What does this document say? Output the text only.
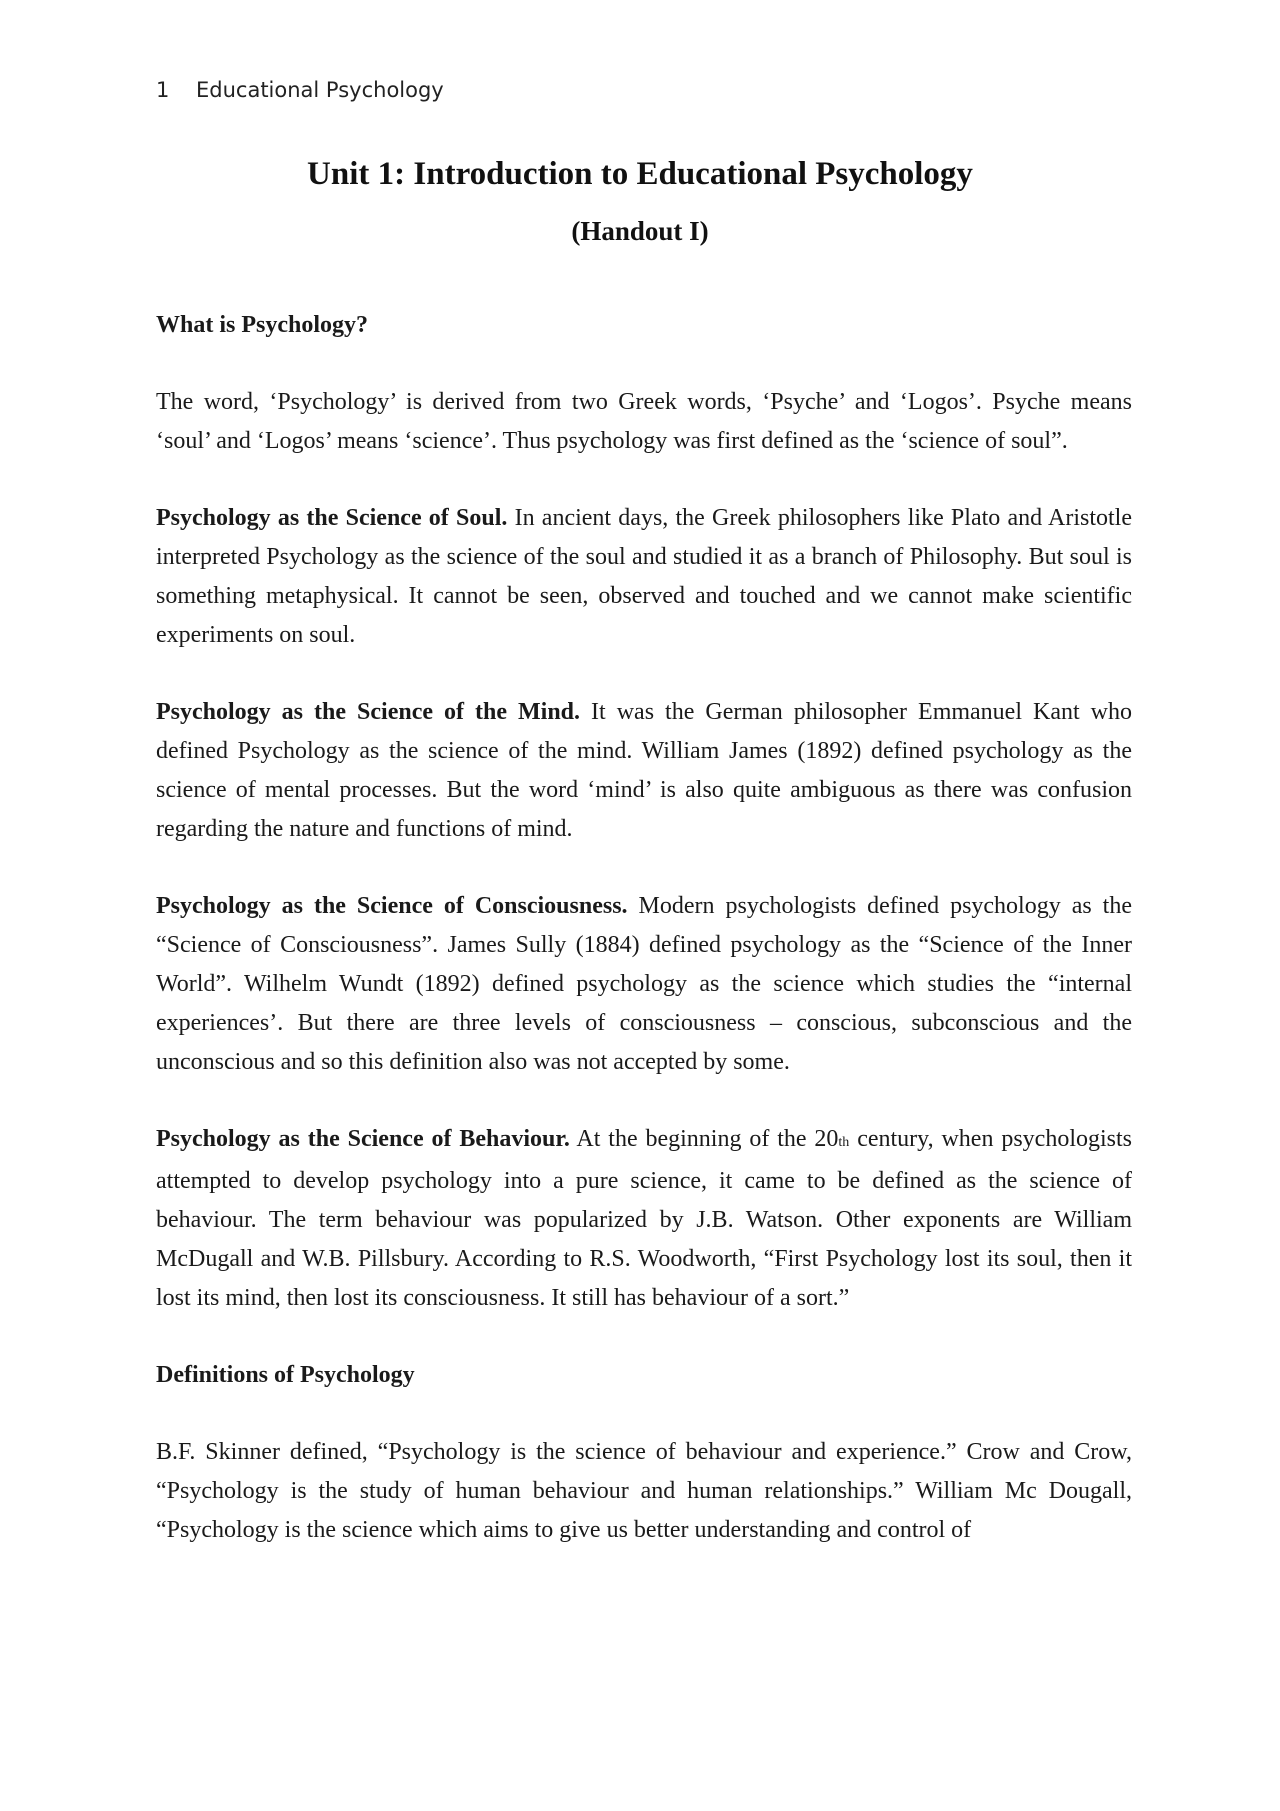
1 Educational Psychology
Unit 1: Introduction to Educational Psychology
(Handout I)
What is Psychology?

The word, ‘Psychology’ is derived from two Greek words, ‘Psyche’ and ‘Logos’. Psyche means ‘soul’ and ‘Logos’ means ‘science’. Thus psychology was first defined as the ‘science of soul”.

Psychology as the Science of Soul. In ancient days, the Greek philosophers like Plato and Aristotle interpreted Psychology as the science of the soul and studied it as a branch of Philosophy. But soul is something metaphysical. It cannot be seen, observed and touched and we cannot make scientific experiments on soul.

Psychology as the Science of the Mind. It was the German philosopher Emmanuel Kant who defined Psychology as the science of the mind. William James (1892) defined psychology as the science of mental processes. But the word ‘mind’ is also quite ambiguous as there was confusion regarding the nature and functions of mind.

Psychology as the Science of Consciousness. Modern psychologists defined psychology as the “Science of Consciousness”. James Sully (1884) defined psychology as the “Science of the Inner World”. Wilhelm Wundt (1892) defined psychology as the science which studies the “internal experiences’. But there are three levels of consciousness – conscious, subconscious and the unconscious and so this definition also was not accepted by some.

Psychology as the Science of Behaviour. At the beginning of the 20th century, when psychologists attempted to develop psychology into a pure science, it came to be defined as the science of behaviour. The term behaviour was popularized by J.B. Watson. Other exponents are William McDugall and W.B. Pillsbury. According to R.S. Woodworth, “First Psychology lost its soul, then it lost its mind, then lost its consciousness. It still has behaviour of a sort.”

Definitions of Psychology

B.F. Skinner defined, “Psychology is the science of behaviour and experience.” Crow and Crow, “Psychology is the study of human behaviour and human relationships.” William Mc Dougall, “Psychology is the science which aims to give us better understanding and control of
